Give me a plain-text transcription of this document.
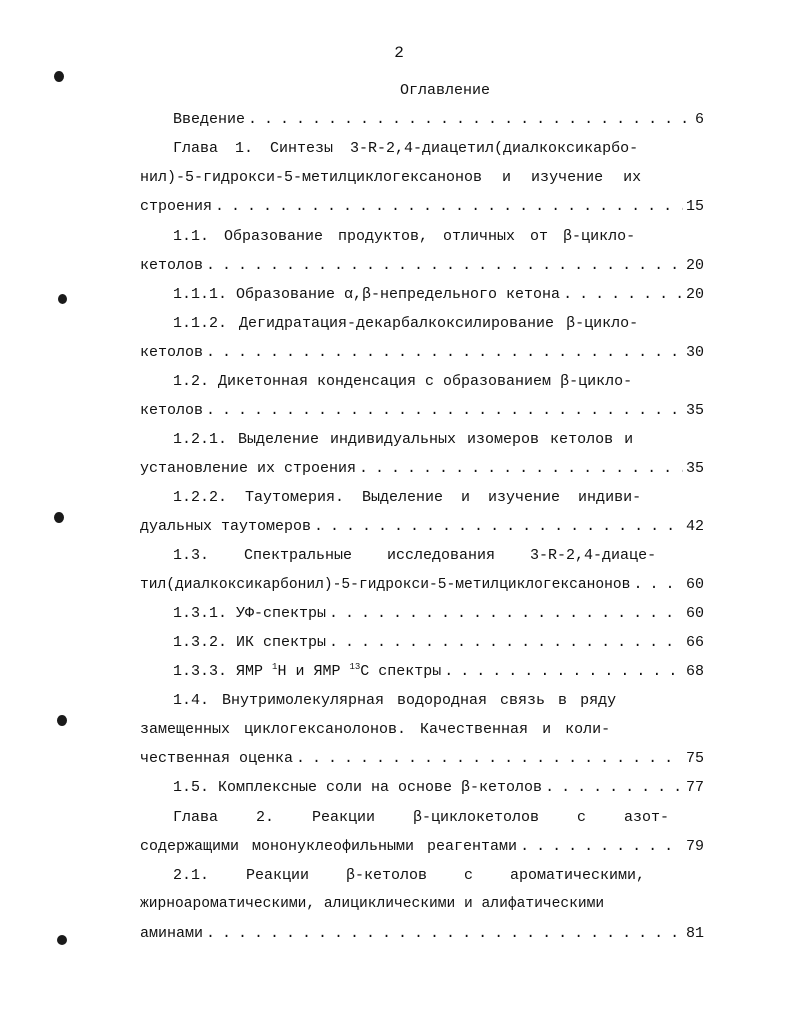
2
Оглавление
Введение . . .	6
Глава 1. Синтезы 3-R-2,4-диацетил(диалкоксикарбо-
нил)-5-гидрокси-5-метилциклогексанонов и изучение их
строения . . .	15
1.1. Образование продуктов, отличных от β-цикло-
кетолов . . .	20
1.1.1. Образование α,β-непредельного кетона . . .	20
1.1.2. Дегидратация-декарбалкоксилирование β-цикло-
кетолов . . .	30
1.2. Дикетонная конденсация с образованием β-цикло-
кетолов . . .	35
1.2.1. Выделение индивидуальных изомеров кетолов и
установление их строения . . .	35
1.2.2. Таутомерия. Выделение и изучение индиви-
дуальных таутомеров . . .	42
1.3. Спектральные исследования 3-R-2,4-диаце-
тил(диалкоксикарбонил)-5-гидрокси-5-метилциклогексанонов . . .	60
1.3.1. УФ-спектры . . .	60
1.3.2. ИК спектры . . .	66
1.3.3. ЯМР $^1$Н и ЯМР $^{13}$С спектры . . .	68
1.4. Внутримолекулярная водородная связь в ряду
замещенных циклогексанолонов. Качественная и коли-
чественная оценка . . .	75
1.5. Комплексные соли на основе β-кетолов . . .	77
Глава 2. Реакции β-циклокетолов с азот-
содержащими мононуклеофильными реагентами . . .	79
2.1. Реакции β-кетолов с ароматическими,
жирноароматическими, алициклическими и алифатическими
аминами . . .	81
